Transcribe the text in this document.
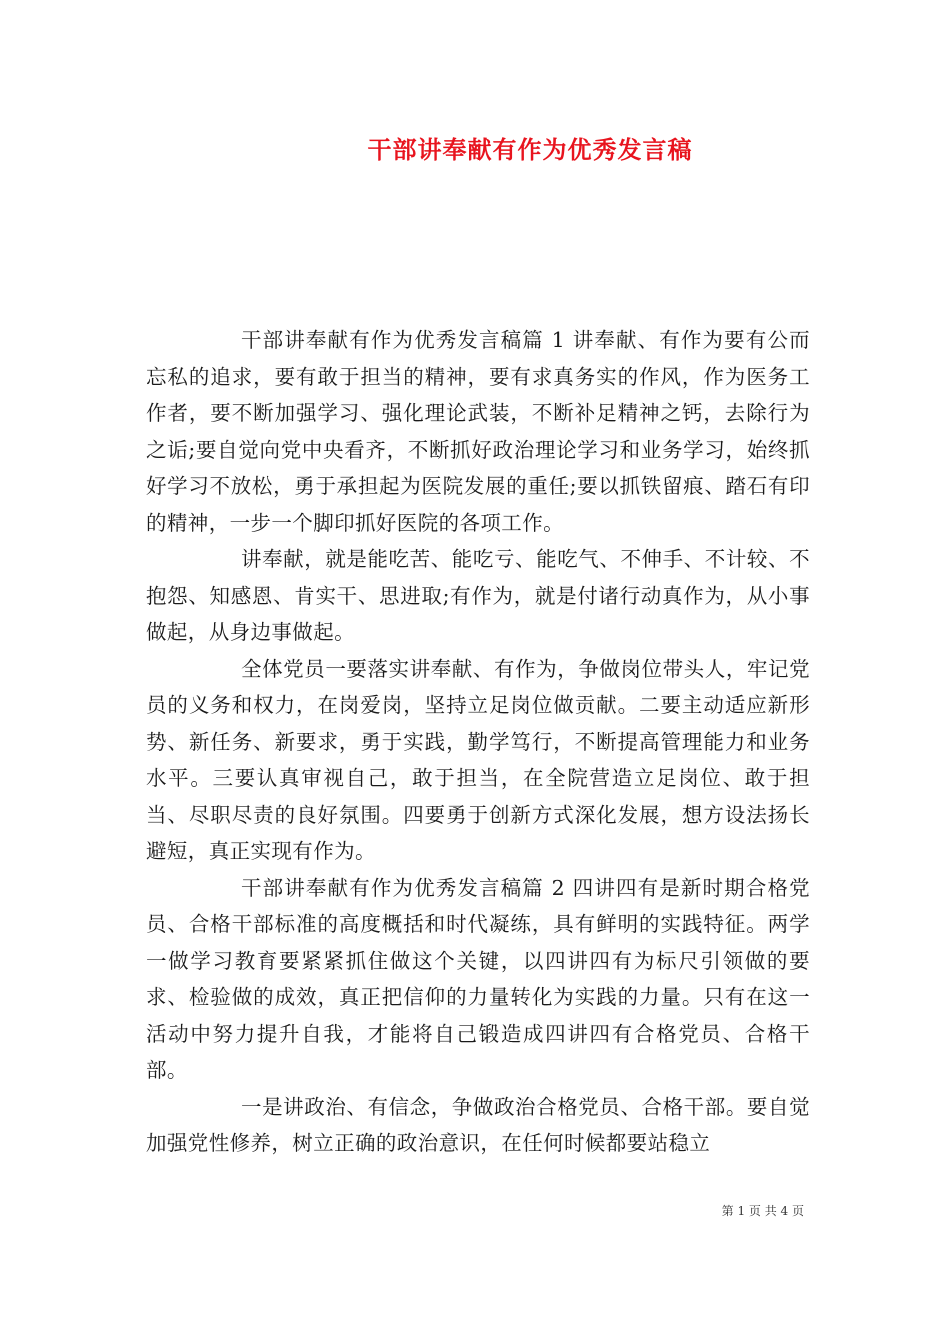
干部讲奉献有作为优秀发言稿

干部讲奉献有作为优秀发言稿篇 1 讲奉献、有作为要有公而忘私的追求，要有敢于担当的精神，要有求真务实的作风，作为医务工作者，要不断加强学习、强化理论武装，不断补足精神之钙，去除行为之诟;要自觉向党中央看齐，不断抓好政治理论学习和业务学习，始终抓好学习不放松，勇于承担起为医院发展的重任;要以抓铁留痕、踏石有印的精神，一步一个脚印抓好医院的各项工作。

讲奉献，就是能吃苦、能吃亏、能吃气、不伸手、不计较、不抱怨、知感恩、肯实干、思进取;有作为，就是付诸行动真作为，从小事做起，从身边事做起。

全体党员一要落实讲奉献、有作为，争做岗位带头人，牢记党员的义务和权力，在岗爱岗，坚持立足岗位做贡献。二要主动适应新形势、新任务、新要求，勇于实践，勤学笃行，不断提高管理能力和业务水平。三要认真审视自己，敢于担当，在全院营造立足岗位、敢于担当、尽职尽责的良好氛围。四要勇于创新方式深化发展，想方设法扬长避短，真正实现有作为。

干部讲奉献有作为优秀发言稿篇 2 四讲四有是新时期合格党员、合格干部标准的高度概括和时代凝练，具有鲜明的实践特征。两学一做学习教育要紧紧抓住做这个关键，以四讲四有为标尺引领做的要求、检验做的成效，真正把信仰的力量转化为实践的力量。只有在这一活动中努力提升自我，才能将自己锻造成四讲四有合格党员、合格干部。

一是讲政治、有信念，争做政治合格党员、合格干部。要自觉加强党性修养，树立正确的政治意识，在任何时候都要站稳立

第 1 页 共 4 页
